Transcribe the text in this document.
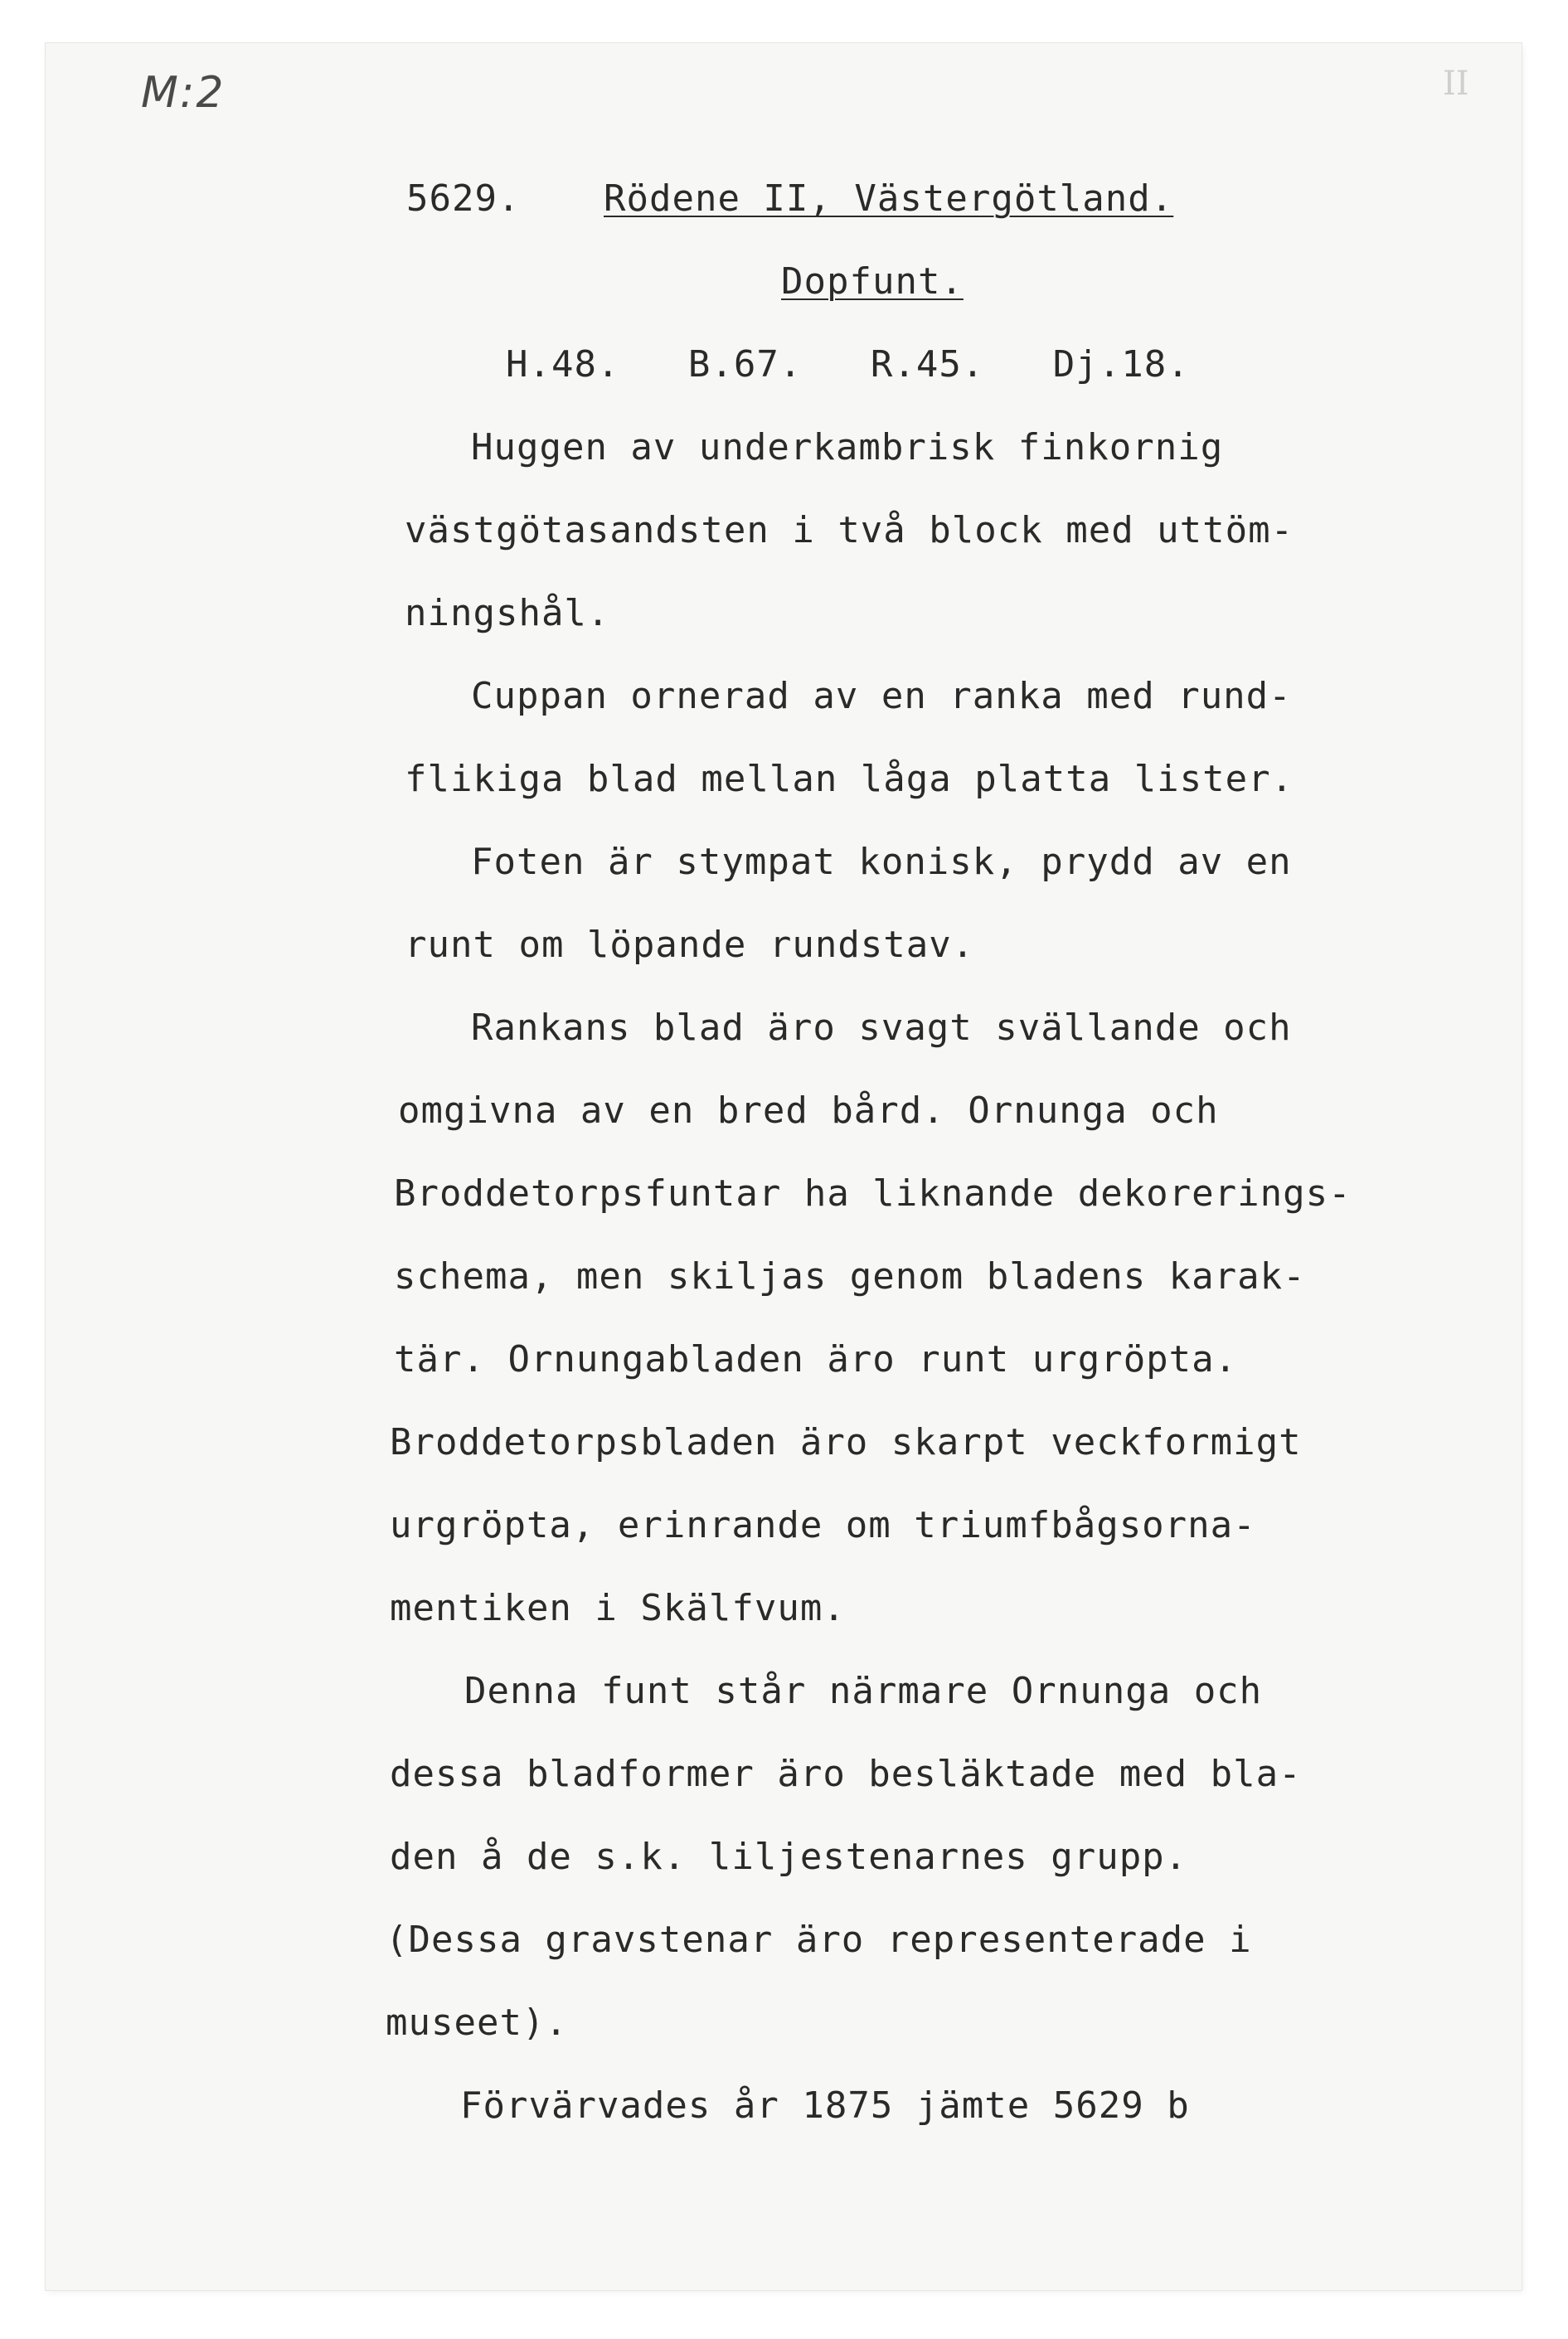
M:2	II
5629. Rödene II, Västergötland.
Dopfunt.
H.48.   B.67.   R.45.   Dj.18.
Huggen av underkambrisk finkornig
västgötasandsten i två block med uttöm-
ningshål.
Cuppan ornerad av en ranka med rund-
flikiga blad mellan låga platta lister.
Foten är stympat konisk, prydd av en
runt om löpande rundstav.
Rankans blad äro svagt svällande och
omgivna av en bred bård. Ornunga och
Broddetorpsfuntar ha liknande dekorerings-
schema, men skiljas genom bladens karak-
tär. Ornungabladen äro runt urgröpta.
Broddetorpsbladen äro skarpt veckformigt
urgröpta, erinrande om triumfbågsorna-
mentiken i Skälfvum.
Denna funt står närmare Ornunga och
dessa bladformer äro besläktade med bla-
den å de s.k. liljestenarnes grupp.
(Dessa gravstenar äro representerade i
museet).
Förvärvades år 1875 jämte 5629 b
